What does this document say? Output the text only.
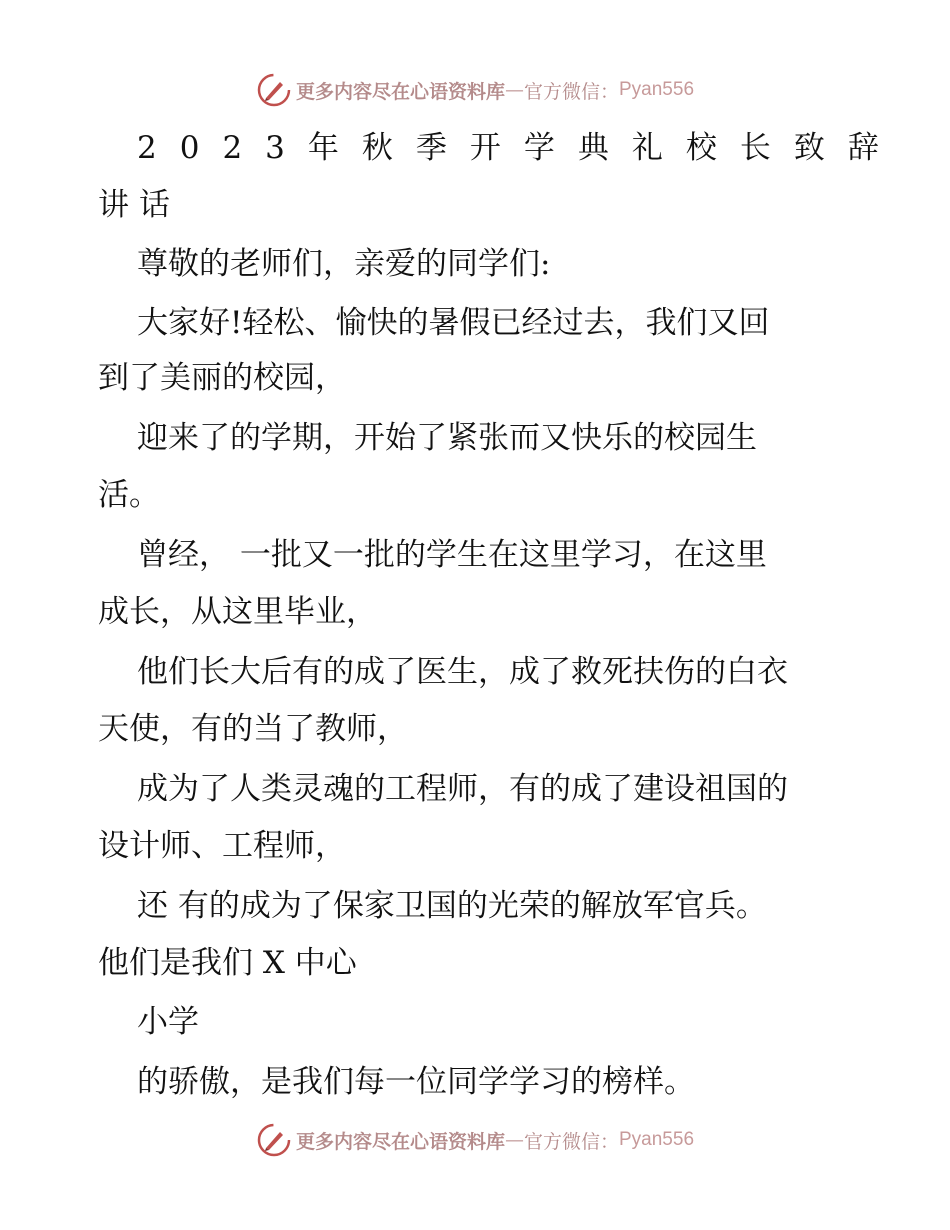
更多内容尽在心语资料库 — 官方微信： Pyan556
2023年秋季开学典礼校长致辞
讲话
尊敬的老师们，亲爱的同学们:
大家好!轻松、愉快的暑假已经过去，我们又回
到了美丽的校园，
迎来了的学期，开始了紧张而又快乐的校园生
活。
曾经， 一批又一批的学生在这里学习，在这里
成长，从这里毕业，
他们长大后有的成了医生，成了救死扶伤的白衣
天使，有的当了教师，
成为了人类灵魂的工程师，有的成了建设祖国的
设计师、工程师，
还 有的成为了保家卫国的光荣的解放军官兵。
他们是我们 X 中心
小学
的骄傲，是我们每一位同学学习的榜样。
更多内容尽在心语资料库 — 官方微信： Pyan556
